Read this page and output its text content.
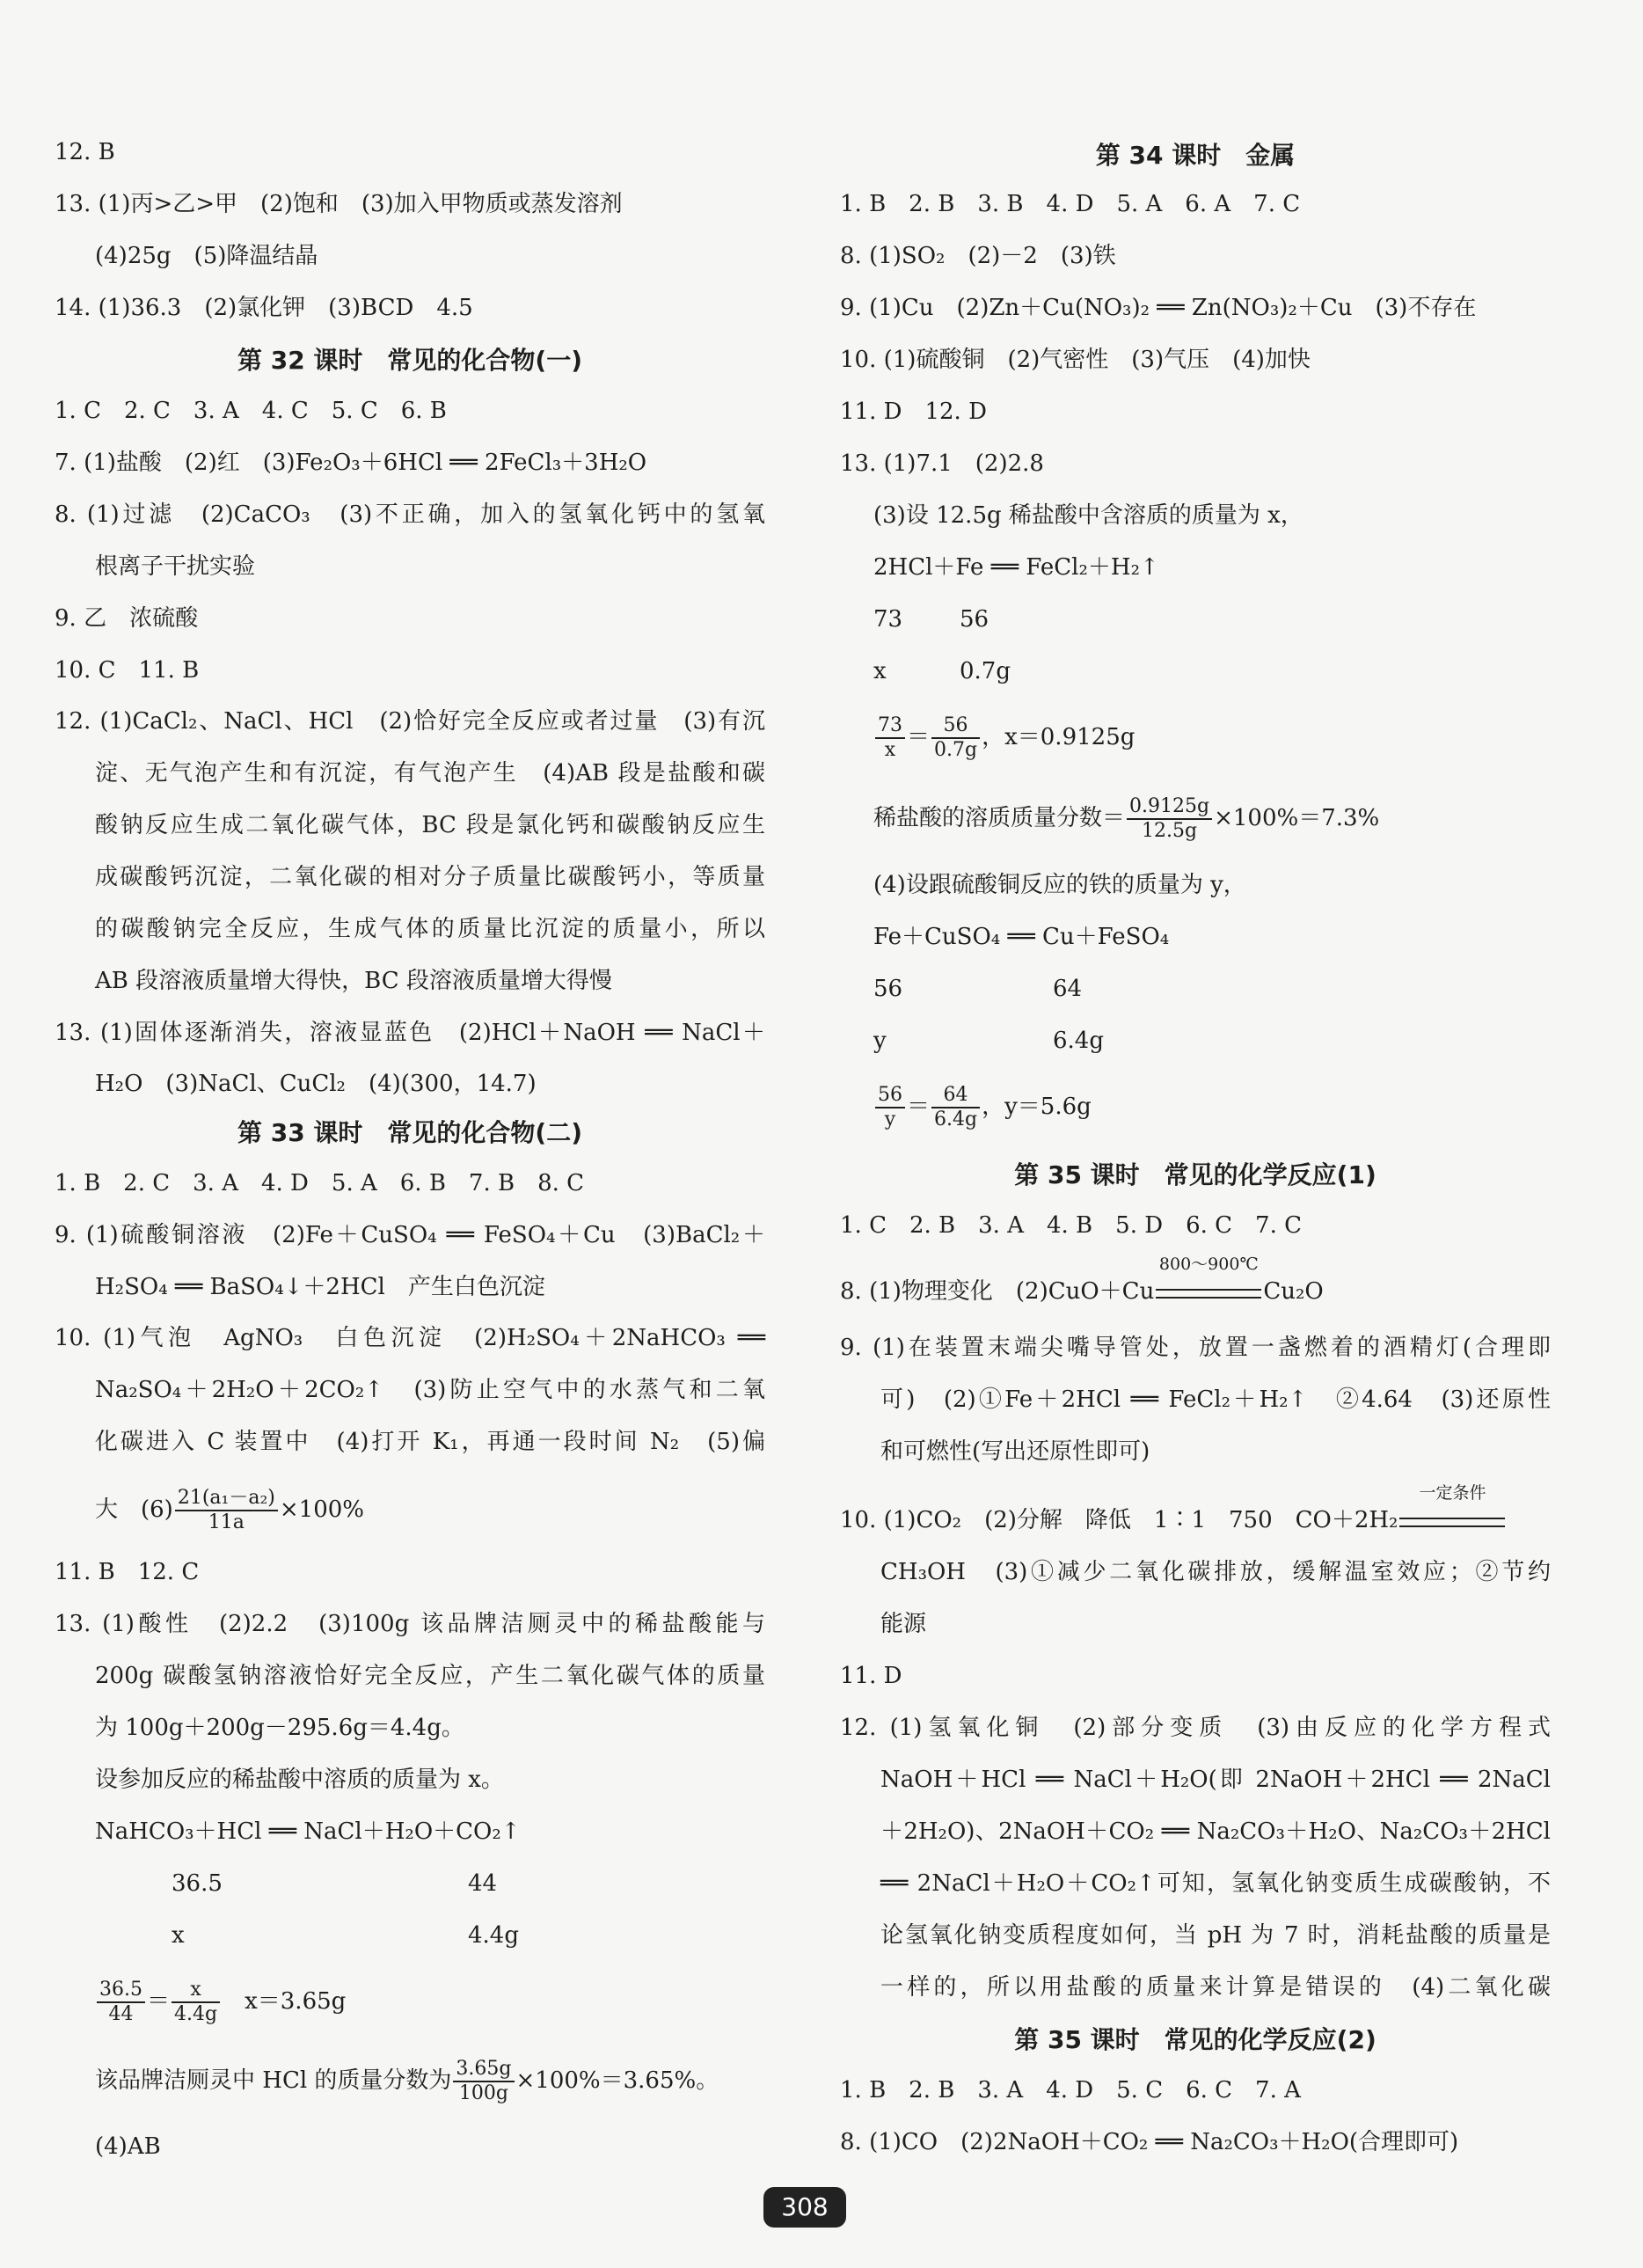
12. B
13. (1)丙>乙>甲　(2)饱和　(3)加入甲物质或蒸发溶剂
(4)25g　(5)降温结晶
14. (1)36.3　(2)氯化钾　(3)BCD　4.5
第 32 课时　常见的化合物(一)
1. C　2. C　3. A　4. C　5. C　6. B
7. (1)盐酸　(2)红　(3)Fe₂O₃＋6HCl ══ 2FeCl₃＋3H₂O
8. (1)过滤　(2)CaCO₃　(3)不正确，加入的氢氧化钙中的氢氧
根离子干扰实验
9. 乙　浓硫酸
10. C　11. B
12. (1)CaCl₂、NaCl、HCl　(2)恰好完全反应或者过量　(3)有沉
淀、无气泡产生和有沉淀，有气泡产生　(4)AB 段是盐酸和碳
酸钠反应生成二氧化碳气体，BC 段是氯化钙和碳酸钠反应生
成碳酸钙沉淀，二氧化碳的相对分子质量比碳酸钙小，等质量
的碳酸钠完全反应，生成气体的质量比沉淀的质量小，所以
AB 段溶液质量增大得快，BC 段溶液质量增大得慢
13. (1)固体逐渐消失，溶液显蓝色　(2)HCl＋NaOH ══ NaCl＋
H₂O　(3)NaCl、CuCl₂　(4)(300，14.7)
第 33 课时　常见的化合物(二)
1. B　2. C　3. A　4. D　5. A　6. B　7. B　8. C
9. (1)硫酸铜溶液　(2)Fe＋CuSO₄ ══ FeSO₄＋Cu　(3)BaCl₂＋
H₂SO₄ ══ BaSO₄↓＋2HCl　产生白色沉淀
10. (1)气泡　AgNO₃　白色沉淀　(2)H₂SO₄＋2NaHCO₃ ══
Na₂SO₄＋2H₂O＋2CO₂↑　(3)防止空气中的水蒸气和二氧
化碳进入 C 装置中　(4)打开 K₁，再通一段时间 N₂　(5)偏
大　$(6) \frac{\text{21(a₁－a₂)}}{11a} \times 100\%$
11. B　12. C
13. (1)酸性　(2)2.2　(3)100g 该品牌洁厕灵中的稀盐酸能与
200g 碳酸氢钠溶液恰好完全反应，产生二氧化碳气体的质量
为 100g＋200g－295.6g＝4.4g。
设参加反应的稀盐酸中溶质的质量为 x。
NaHCO₃＋HCl ══ NaCl＋H₂O＋CO₂↑
36.5	44
x	4.4g
$\frac{36.5}{44} = \frac{x}{4.4g}$
　 x＝3.65g
该品牌洁厕灵中 HCl 的质量分数为 $\frac{3.65g}{100g} \times 100\%=3.65\%$。
(4)AB
第 34 课时　金属
1. B　2. B　3. B　4. D　5. A　6. A　7. C
8. (1)SO₂　(2)－2　(3)铁
9. (1)Cu　(2)Zn＋Cu(NO₃)₂ ══ Zn(NO₃)₂＋Cu　(3)不存在
10. (1)硫酸铜　(2)气密性　(3)气压　(4)加快
11. D　12. D
13. (1)7.1　(2)2.8
(3)设 12.5g 稀盐酸中含溶质的质量为 x，
2HCl＋Fe ══ FeCl₂＋H₂↑
73 56
x	0.7g
$\frac{73}{x} = \frac{56}{0.7g}$ ，x＝0.9125g
稀盐酸的溶质质量分数＝ $\frac{0.9125g}{12.5g} \times 100\%=7.3\%$
(4)设跟硫酸铜反应的铁的质量为 y，
Fe＋CuSO₄ ══ Cu＋FeSO₄
56	64
y	6.4g
$\frac{56}{y} = \frac{64}{6.4g}$ ，y＝5.6g
第 35 课时　常见的化学反应(1)
1. C　2. B　3. A　4. B　5. D　6. C　7. C
8. (1)物理变化　(2)CuO＋Cu
800～900℃
Cu₂O
9. (1)在装置末端尖嘴导管处，放置一盏燃着的酒精灯(合理即
可)　(2)①Fe＋2HCl ══ FeCl₂＋H₂↑　②4.64　(3)还原性
和可燃性(写出还原性即可)
10. (1)CO₂　(2)分解　降低　1∶1　750　CO＋2H₂
一定条件
CH₃OH　(3)①减少二氧化碳排放，缓解温室效应；②节约
能源
11. D
12. (1)氢氧化铜　(2)部分变质　(3)由反应的化学方程式
NaOH＋HCl ══ NaCl＋H₂O(即 2NaOH＋2HCl ══ 2NaCl
＋2H₂O)、2NaOH＋CO₂ ══ Na₂CO₃＋H₂O、Na₂CO₃＋2HCl
══ 2NaCl＋H₂O＋CO₂↑可知，氢氧化钠变质生成碳酸钠，不
论氢氧化钠变质程度如何，当 pH 为 7 时，消耗盐酸的质量是
一样的，所以用盐酸的质量来计算是错误的　(4)二氧化碳
第 35 课时　常见的化学反应(2)
1. B　2. B　3. A　4. D　5. C　6. C　7. A
8. (1)CO　(2)2NaOH＋CO₂ ══ Na₂CO₃＋H₂O(合理即可)
308
